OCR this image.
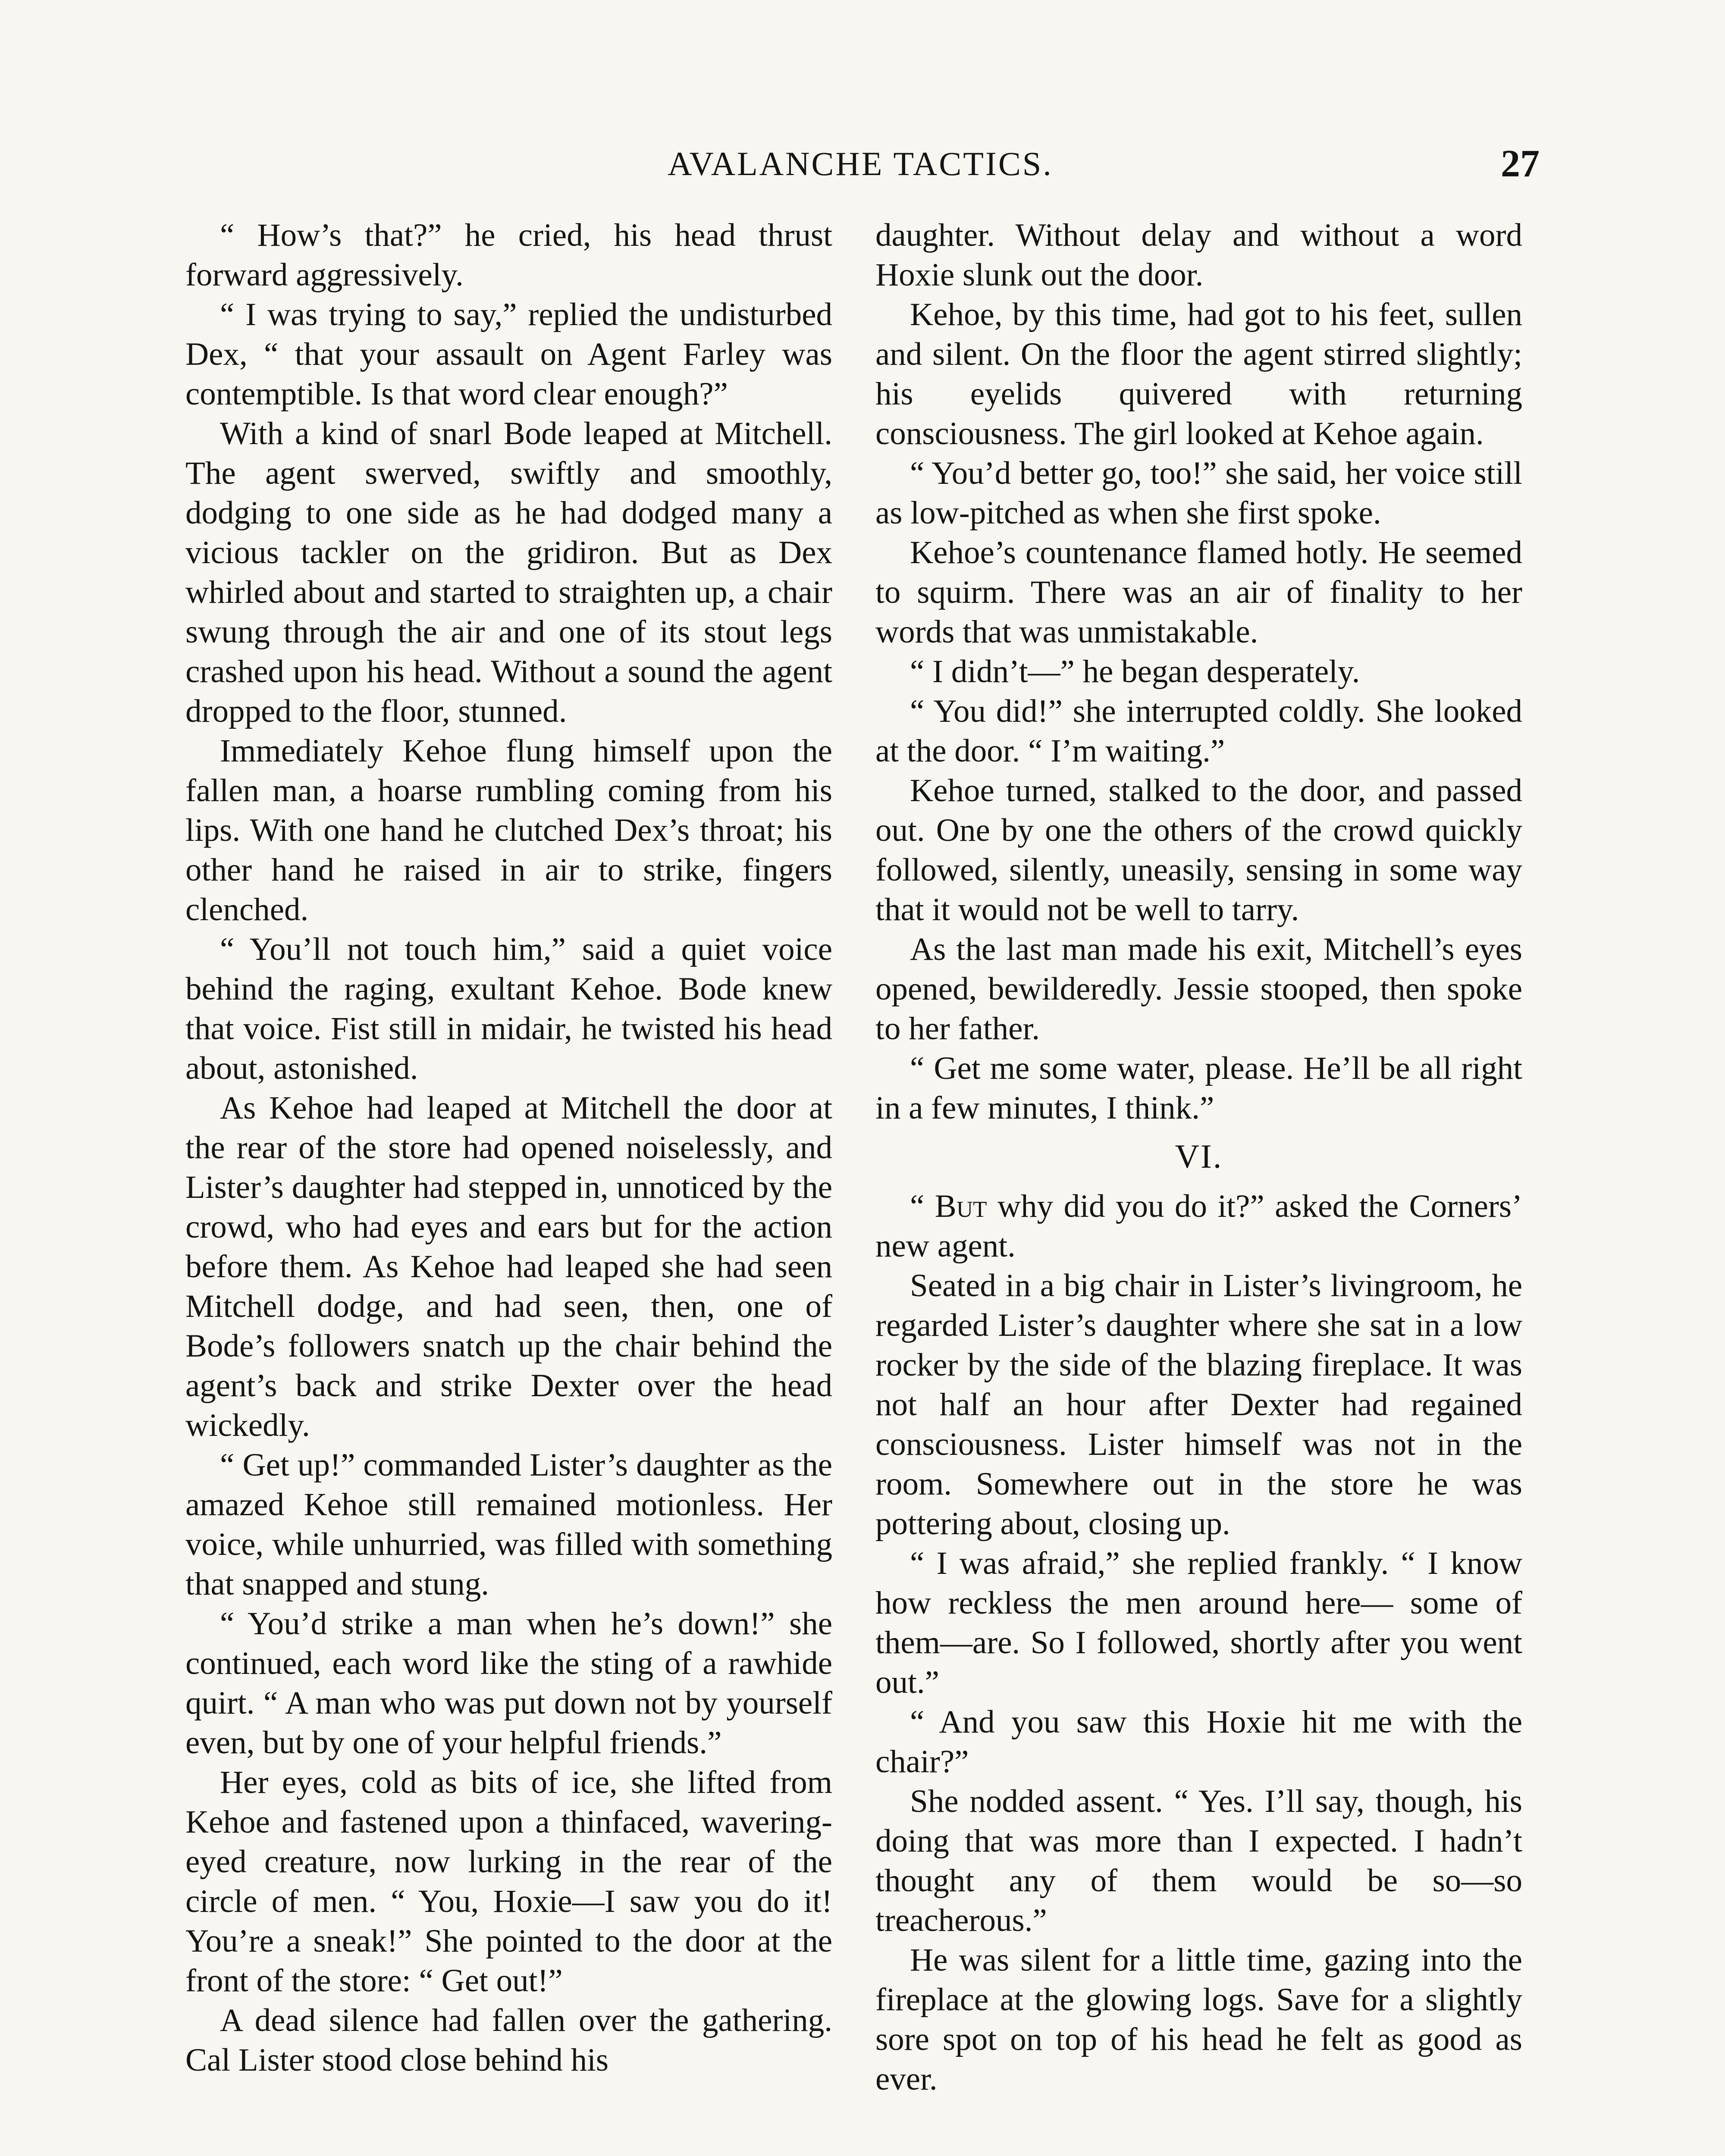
AVALANCHE TACTICS.	27

“ How’s that?” he cried, his head thrust forward aggressively.

“ I was trying to say,” replied the undisturbed Dex, “ that your assault on Agent Farley was contemptible. Is that word clear enough?”

With a kind of snarl Bode leaped at Mitchell. The agent swerved, swiftly and smoothly, dodging to one side as he had dodged many a vicious tackler on the gridiron. But as Dex whirled about and started to straighten up, a chair swung through the air and one of its stout legs crashed upon his head. Without a sound the agent dropped to the floor, stunned.

Immediately Kehoe flung himself upon the fallen man, a hoarse rumbling coming from his lips. With one hand he clutched Dex’s throat; his other hand he raised in air to strike, fingers clenched.

“ You’ll not touch him,” said a quiet voice behind the raging, exultant Kehoe. Bode knew that voice. Fist still in midair, he twisted his head about, astonished.

As Kehoe had leaped at Mitchell the door at the rear of the store had opened noiselessly, and Lister’s daughter had stepped in, unnoticed by the crowd, who had eyes and ears but for the action before them. As Kehoe had leaped she had seen Mitchell dodge, and had seen, then, one of Bode’s followers snatch up the chair behind the agent’s back and strike Dexter over the head wickedly.

“ Get up!” commanded Lister’s daughter as the amazed Kehoe still remained motionless. Her voice, while unhurried, was filled with something that snapped and stung.

“ You’d strike a man when he’s down!” she continued, each word like the sting of a rawhide quirt. “ A man who was put down not by yourself even, but by one of your helpful friends.”

Her eyes, cold as bits of ice, she lifted from Kehoe and fastened upon a thinfaced, wavering-eyed creature, now lurking in the rear of the circle of men. “ You, Hoxie—I saw you do it! You’re a sneak!” She pointed to the door at the front of the store: “ Get out!”

A dead silence had fallen over the gathering. Cal Lister stood close behind his

daughter. Without delay and without a word Hoxie slunk out the door.

Kehoe, by this time, had got to his feet, sullen and silent. On the floor the agent stirred slightly; his eyelids quivered with returning consciousness. The girl looked at Kehoe again.

“ You’d better go, too!” she said, her voice still as low-pitched as when she first spoke.

Kehoe’s countenance flamed hotly. He seemed to squirm. There was an air of finality to her words that was unmistakable.

“ I didn’t—” he began desperately.

“ You did!” she interrupted coldly. She looked at the door. “ I’m waiting.”

Kehoe turned, stalked to the door, and passed out. One by one the others of the crowd quickly followed, silently, uneasily, sensing in some way that it would not be well to tarry.

As the last man made his exit, Mitchell’s eyes opened, bewilderedly. Jessie stooped, then spoke to her father.

“ Get me some water, please. He’ll be all right in a few minutes, I think.”

VI.

“ But why did you do it?” asked the Corners’ new agent.

Seated in a big chair in Lister’s livingroom, he regarded Lister’s daughter where she sat in a low rocker by the side of the blazing fireplace. It was not half an hour after Dexter had regained consciousness. Lister himself was not in the room. Somewhere out in the store he was pottering about, closing up.

“ I was afraid,” she replied frankly. “ I know how reckless the men around here— some of them—are. So I followed, shortly after you went out.”

“ And you saw this Hoxie hit me with the chair?”

She nodded assent. “ Yes. I’ll say, though, his doing that was more than I expected. I hadn’t thought any of them would be so—so treacherous.”

He was silent for a little time, gazing into the fireplace at the glowing logs. Save for a slightly sore spot on top of his head he felt as good as ever.
